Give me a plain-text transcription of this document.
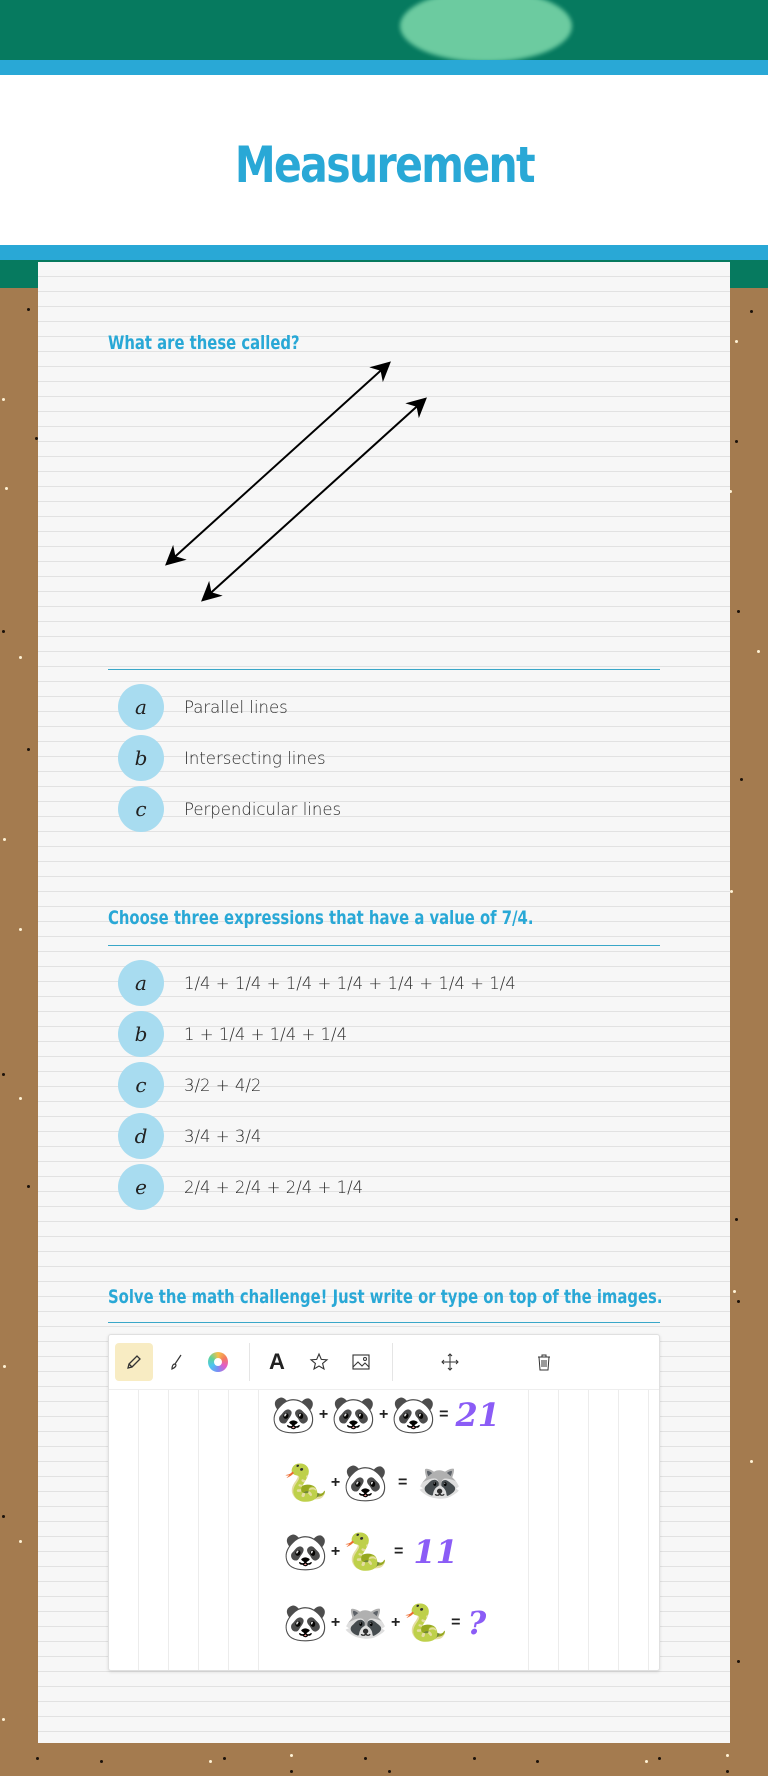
Measurement
What are these called?
a	Parallel lines
b	Intersecting lines
c	Perpendicular lines
Choose three expressions that have a value of 7/4.
a	1/4 + 1/4 + 1/4 + 1/4 + 1/4 + 1/4 + 1/4
b	1 + 1/4 + 1/4 + 1/4
c	3/2 + 4/2
d	3/4 + 3/4
e	2/4 + 2/4 + 2/4 + 1/4
Solve the math challenge! Just write or type on top of the images.
A
🐼 + 🐼 + 🐼 = 21
🐍 + 🐼 = 🦝
🐼 + 🐍 = 11
🐼 + 🦝 + 🐍 = ?
